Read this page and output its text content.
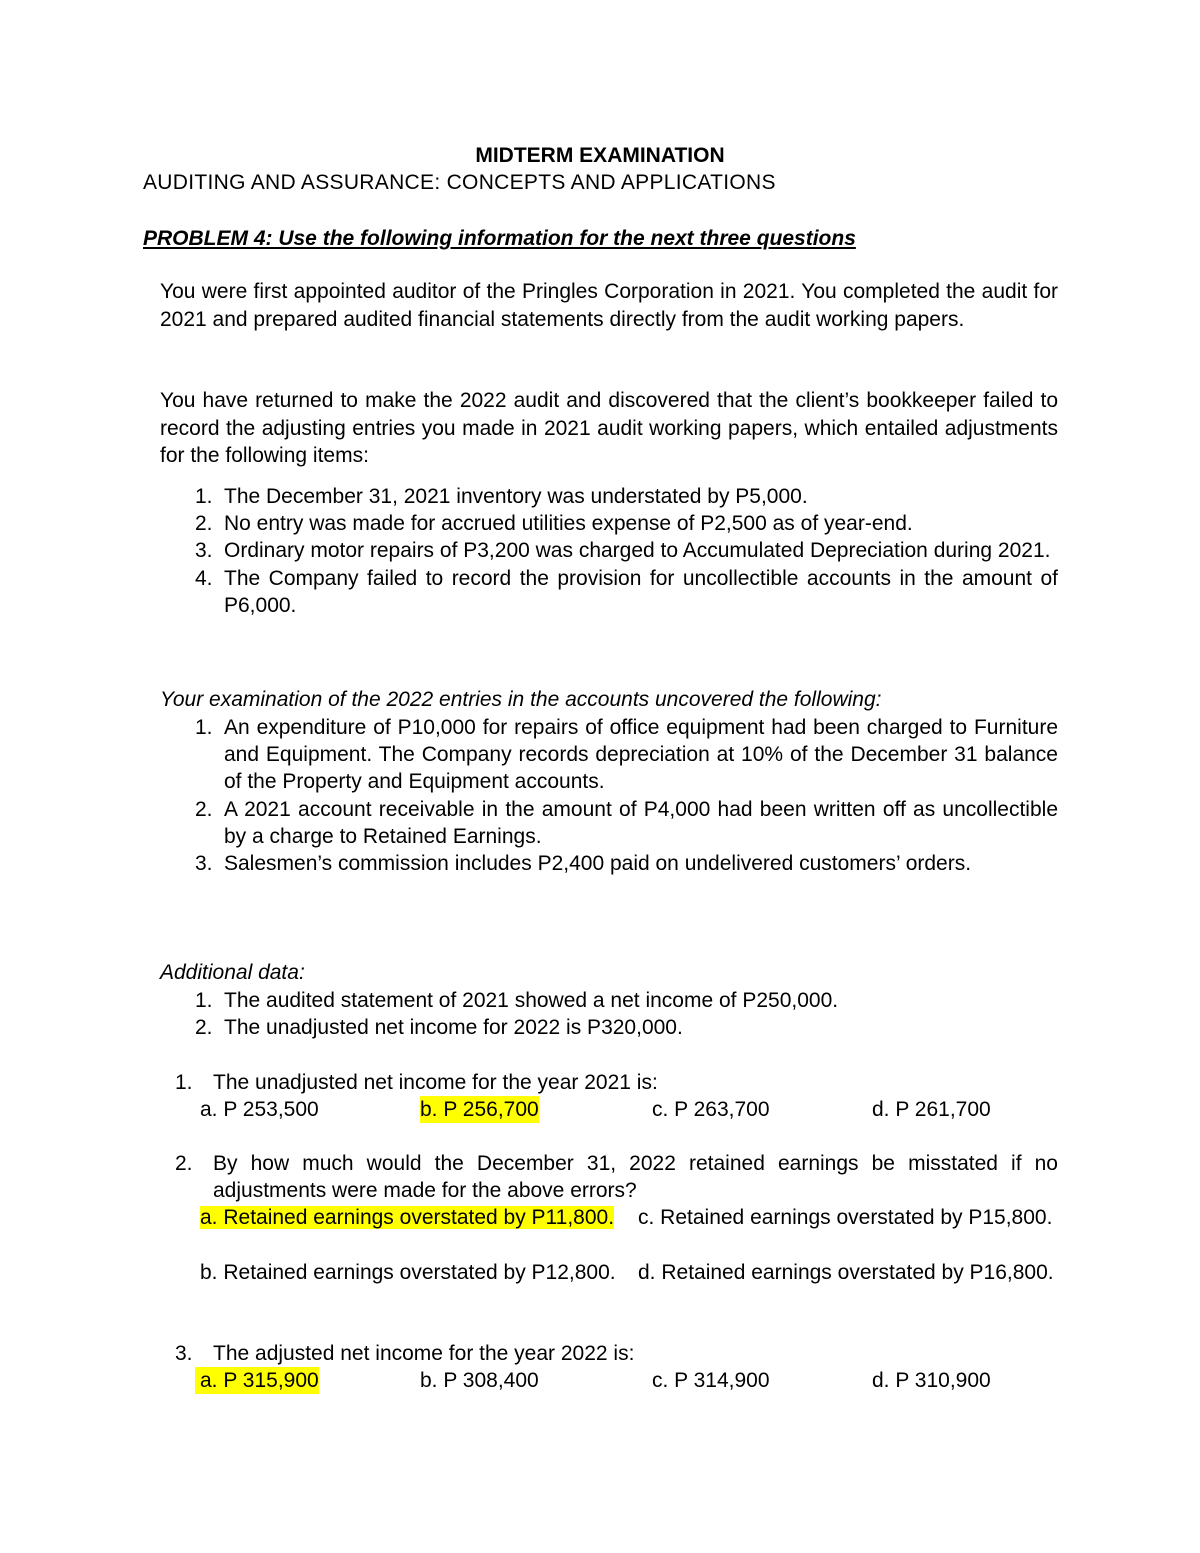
MIDTERM EXAMINATION
AUDITING AND ASSURANCE: CONCEPTS AND APPLICATIONS
PROBLEM 4: Use the following information for the next three questions

You were first appointed auditor of the Pringles Corporation in 2021. You completed the audit for 2021 and prepared audited financial statements directly from the audit working papers.

You have returned to make the 2022 audit and discovered that the client’s bookkeeper failed to record the adjusting entries you made in 2021 audit working papers, which entailed adjustments for the following items:

1. The December 31, 2021 inventory was understated by P5,000.
2. No entry was made for accrued utilities expense of P2,500 as of year-end.
3. Ordinary motor repairs of P3,200 was charged to Accumulated Depreciation during 2021.
4. The Company failed to record the provision for uncollectible accounts in the amount of P6,000.
Your examination of the 2022 entries in the accounts uncovered the following:
1. An expenditure of P10,000 for repairs of office equipment had been charged to Furniture and Equipment. The Company records depreciation at 10% of the December 31 balance of the Property and Equipment accounts.
2. A 2021 account receivable in the amount of P4,000 had been written off as uncollectible by a charge to Retained Earnings.
3. Salesmen’s commission includes P2,400 paid on undelivered customers’ orders.
Additional data:
1. The audited statement of 2021 showed a net income of P250,000.
2. The unadjusted net income for 2022 is P320,000.
1. The unadjusted net income for the year 2021 is:
a. P 253,500	b. P 256,700	c. P 263,700	d. P 261,700
2. By how much would the December 31, 2022 retained earnings be misstated if no adjustments were made for the above errors?
a. Retained earnings overstated by P11,800. c. Retained earnings overstated by P15,800.
b. Retained earnings overstated by P12,800. d. Retained earnings overstated by P16,800.
3. The adjusted net income for the year 2022 is:
a. P 315,900	b. P 308,400	c. P 314,900	d. P 310,900
